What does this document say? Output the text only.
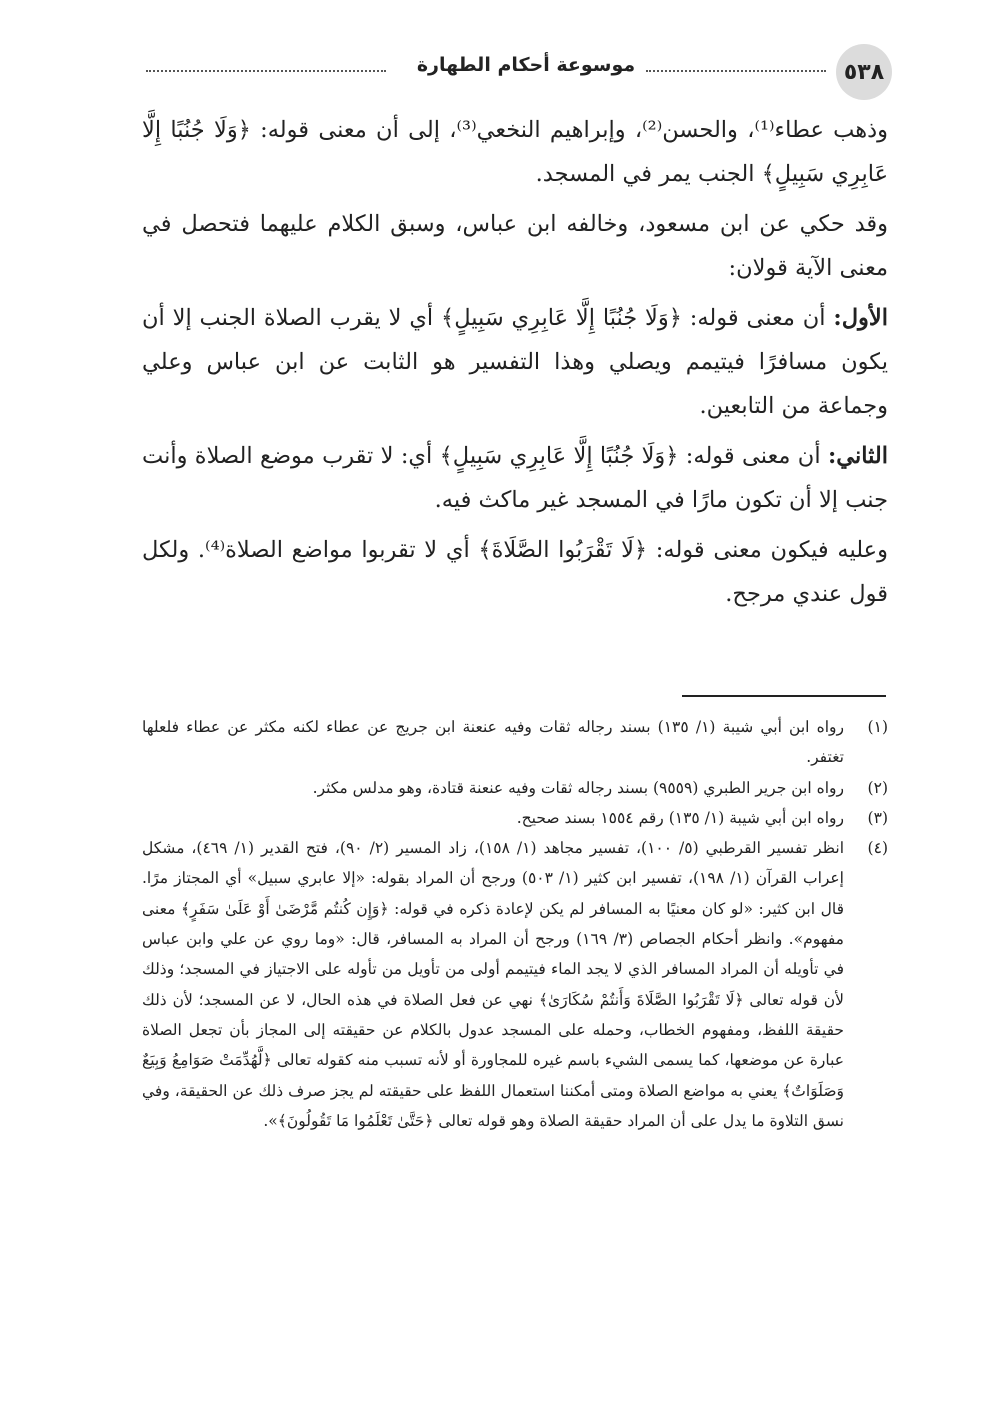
٥٣٨
موسوعة أحكام الطهارة

وذهب عطاء⁽¹⁾، والحسن⁽²⁾، وإبراهيم النخعي⁽³⁾، إلى أن معنى قوله: ﴿وَلَا جُنُبًا إِلَّا عَابِرِي سَبِيلٍ﴾ الجنب يمر في المسجد.

وقد حكي عن ابن مسعود، وخالفه ابن عباس، وسبق الكلام عليهما فتحصل في معنى الآية قولان:

الأول: أن معنى قوله: ﴿وَلَا جُنُبًا إِلَّا عَابِرِي سَبِيلٍ﴾ أي لا يقرب الصلاة الجنب إلا أن يكون مسافرًا فيتيمم ويصلي وهذا التفسير هو الثابت عن ابن عباس وعلي وجماعة من التابعين.

الثاني: أن معنى قوله: ﴿وَلَا جُنُبًا إِلَّا عَابِرِي سَبِيلٍ﴾ أي: لا تقرب موضع الصلاة وأنت جنب إلا أن تكون مارًا في المسجد غير ماكث فيه.

وعليه فيكون معنى قوله: ﴿لَا تَقْرَبُوا الصَّلَاةَ﴾ أي لا تقربوا مواضع الصلاة⁽⁴⁾. ولكل قول عندي مرجح.

(١)
رواه ابن أبي شيبة (١/ ١٣٥) بسند رجاله ثقات وفيه عنعنة ابن جريج عن عطاء لكنه مكثر عن عطاء فلعلها تغتفر.
(٢)
رواه ابن جرير الطبري (٩٥٥٩) بسند رجاله ثقات وفيه عنعنة قتادة، وهو مدلس مكثر.
(٣)
رواه ابن أبي شيبة (١/ ١٣٥) رقم ١٥٥٤ بسند صحيح.
(٤)
انظر تفسير القرطبي (٥/ ١٠٠)، تفسير مجاهد (١/ ١٥٨)، زاد المسير (٢/ ٩٠)، فتح القدير (١/ ٤٦٩)، مشكل إعراب القرآن (١/ ١٩٨)، تفسير ابن كثير (١/ ٥٠٣) ورجح أن المراد بقوله: «إلا عابري سبيل» أي المجتاز مرًا. قال ابن كثير: «لو كان معنيًا به المسافر لم يكن لإعادة ذكره في قوله: ﴿وَإِن كُنتُم مَّرْضَىٰ أَوْ عَلَىٰ سَفَرٍ﴾ معنى مفهوم». وانظر أحكام الجصاص (٣/ ١٦٩) ورجح أن المراد به المسافر، قال: «وما روي عن علي وابن عباس في تأويله أن المراد المسافر الذي لا يجد الماء فيتيمم أولى من تأويل من تأوله على الاجتياز في المسجد؛ وذلك لأن قوله تعالى ﴿لَا تَقْرَبُوا الصَّلَاةَ وَأَنتُمْ سُكَارَىٰ﴾ نهي عن فعل الصلاة في هذه الحال، لا عن المسجد؛ لأن ذلك حقيقة اللفظ، ومفهوم الخطاب، وحمله على المسجد عدول بالكلام عن حقيقته إلى المجاز بأن تجعل الصلاة عبارة عن موضعها، كما يسمى الشيء باسم غيره للمجاورة أو لأنه تسبب منه كقوله تعالى ﴿لَّهُدِّمَتْ صَوَامِعُ وَبِيَعٌ وَصَلَوَاتٌ﴾ يعني به مواضع الصلاة ومتى أمكننا استعمال اللفظ على حقيقته لم يجز صرف ذلك عن الحقيقة، وفي نسق التلاوة ما يدل على أن المراد حقيقة الصلاة وهو قوله تعالى ﴿حَتَّىٰ تَعْلَمُوا مَا تَقُولُونَ﴾».
